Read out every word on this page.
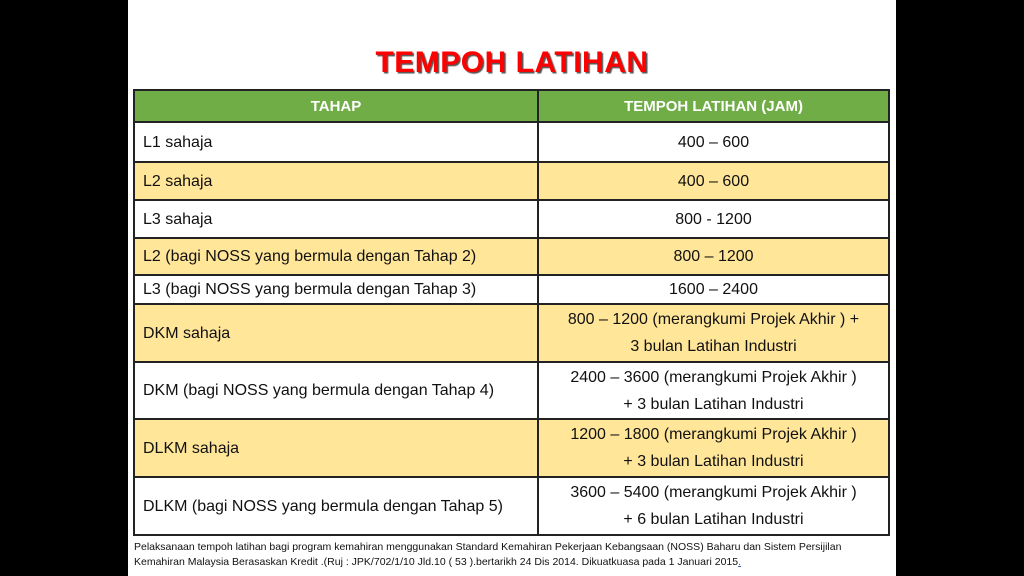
TEMPOH LATIHAN
TAHAP	TEMPOH LATIHAN (JAM)
L1 sahaja	400 – 600
L2 sahaja	400 – 600
L3 sahaja	800 - 1200
L2 (bagi NOSS yang bermula dengan Tahap 2)	800 – 1200
L3 (bagi NOSS yang bermula dengan Tahap 3)	1600 – 2400
DKM sahaja	800 – 1200 (merangkumi Projek Akhir ) +
3 bulan Latihan Industri

DKM (bagi NOSS yang bermula dengan Tahap 4)	2400 – 3600 (merangkumi Projek Akhir )
+ 3 bulan Latihan Industri

DLKM sahaja	1200 – 1800 (merangkumi Projek Akhir )
+ 3 bulan Latihan Industri

DLKM (bagi NOSS yang bermula dengan Tahap 5)	3600 – 5400 (merangkumi Projek Akhir )
+ 6 bulan Latihan Industri
Pelaksanaan tempoh latihan bagi program kemahiran menggunakan Standard Kemahiran Pekerjaan Kebangsaan (NOSS) Baharu dan Sistem Persijilan Kemahiran Malaysia Berasaskan Kredit .(Ruj : JPK/702/1/10 Jld.10 ( 53 ).bertarikh 24 Dis 2014. Dikuatkuasa pada 1 Januari 2015.
